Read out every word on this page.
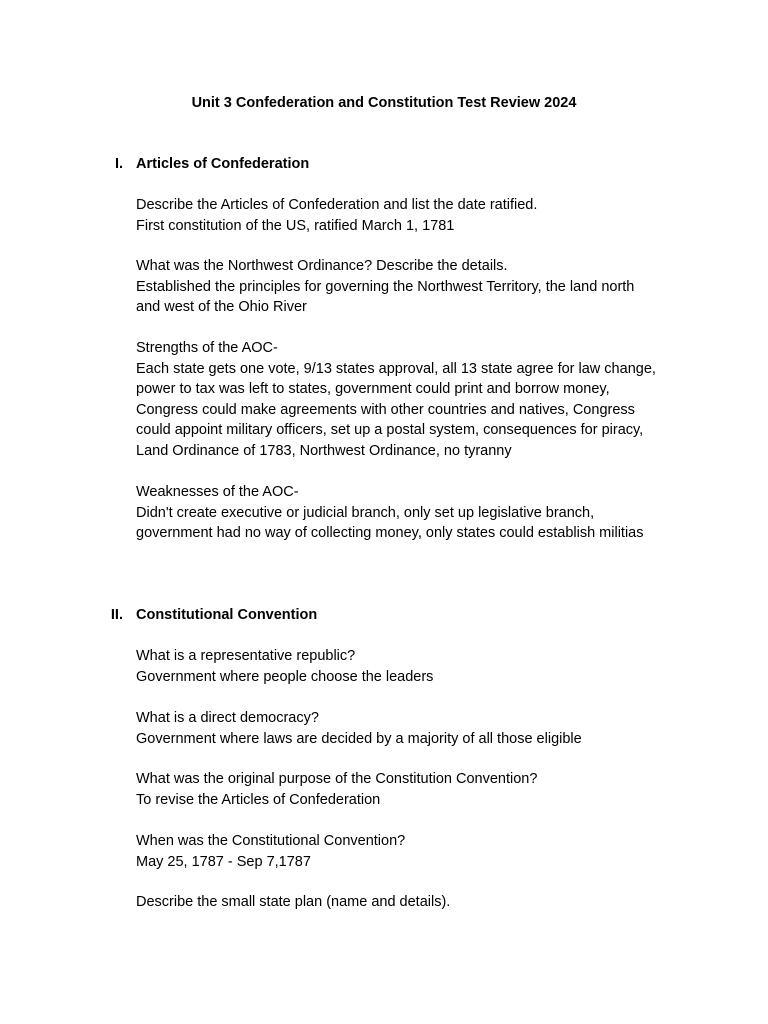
Unit 3 Confederation and Constitution Test Review 2024
I. Articles of Confederation
Describe the Articles of Confederation and list the date ratified.
First constitution of the US, ratified March 1, 1781
What was the Northwest Ordinance? Describe the details.
Established the principles for governing the Northwest Territory, the land north
and west of the Ohio River
Strengths of the AOC-
Each state gets one vote, 9/13 states approval, all 13 state agree for law change,
power to tax was left to states, government could print and borrow money,
Congress could make agreements with other countries and natives, Congress
could appoint military officers, set up a postal system, consequences for piracy,
Land Ordinance of 1783, Northwest Ordinance, no tyranny
Weaknesses of the AOC-
Didn't create executive or judicial branch, only set up legislative branch,
government had no way of collecting money, only states could establish militias
II. Constitutional Convention
What is a representative republic?
Government where people choose the leaders
What is a direct democracy?
Government where laws are decided by a majority of all those eligible
What was the original purpose of the Constitution Convention?
To revise the Articles of Confederation
When was the Constitutional Convention?
May 25, 1787 - Sep 7,1787
Describe the small state plan (name and details).
